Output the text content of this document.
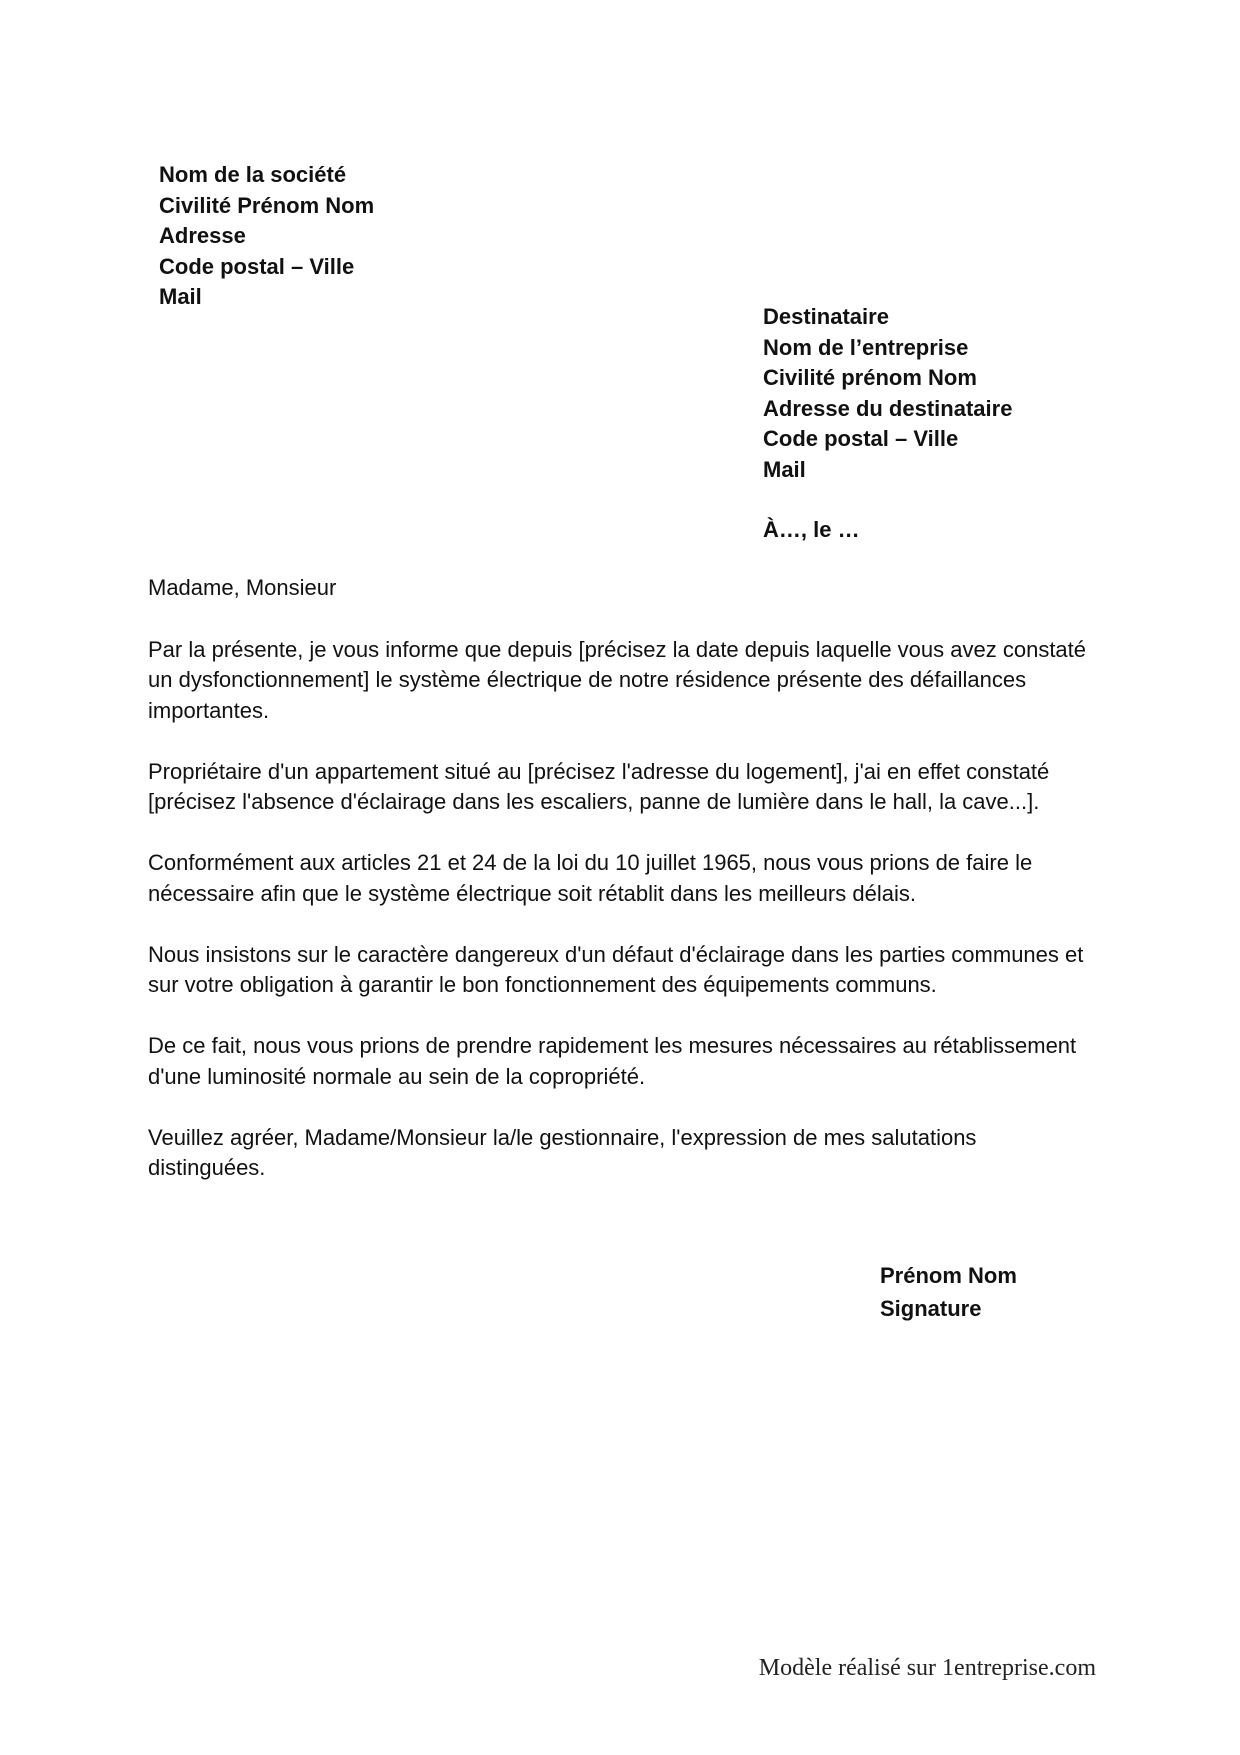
Nom de la société
Civilité Prénom Nom
Adresse
Code postal – Ville
Mail
Destinataire
Nom de l’entreprise
Civilité prénom Nom
Adresse du destinataire
Code postal – Ville
Mail
À…, le …

Madame, Monsieur

Par la présente, je vous informe que depuis [précisez la date depuis laquelle vous avez constaté un dysfonctionnement] le système électrique de notre résidence présente des défaillances importantes.

Propriétaire d'un appartement situé au [précisez l'adresse du logement], j'ai en effet constaté [précisez l'absence d'éclairage dans les escaliers, panne de lumière dans le hall, la cave...].

Conformément aux articles 21 et 24 de la loi du 10 juillet 1965, nous vous prions de faire le nécessaire afin que le système électrique soit rétablit dans les meilleurs délais.

Nous insistons sur le caractère dangereux d'un défaut d'éclairage dans les parties communes et sur votre obligation à garantir le bon fonctionnement des équipements communs.

De ce fait, nous vous prions de prendre rapidement les mesures nécessaires au rétablissement d'une luminosité normale au sein de la copropriété.

Veuillez agréer, Madame/Monsieur la/le gestionnaire, l'expression de mes salutations distinguées.

Prénom Nom
Signature
Modèle réalisé sur 1entreprise.com
